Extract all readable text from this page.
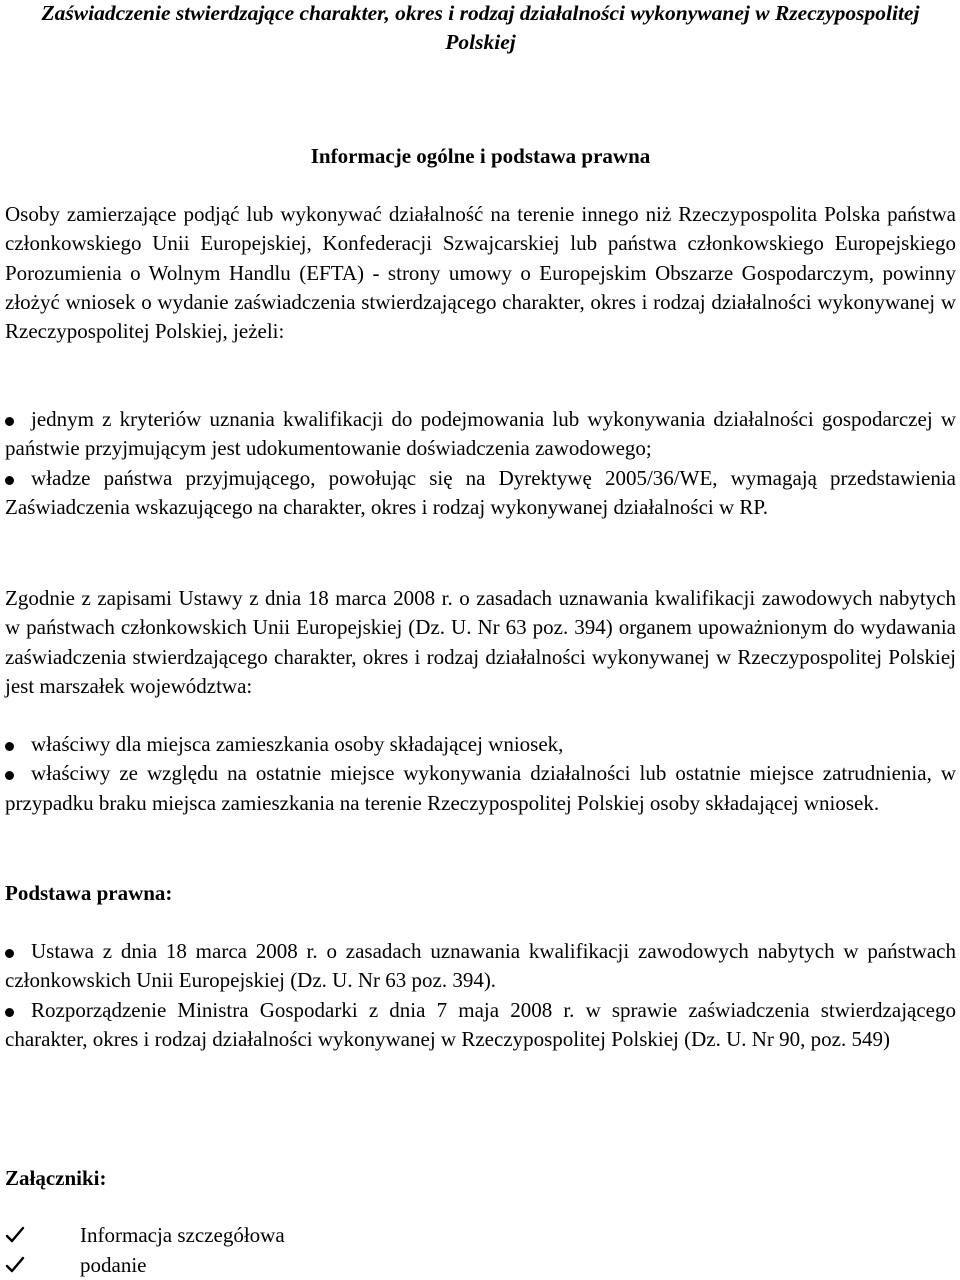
Zaświadczenie stwierdzające charakter, okres i rodzaj działalności wykonywanej w Rzeczypospolitej Polskiej
Informacje ogólne i podstawa prawna

Osoby zamierzające podjąć lub wykonywać działalność na terenie innego niż Rzeczypospolita Polska państwa członkowskiego Unii Europejskiej, Konfederacji Szwajcarskiej lub państwa członkowskiego Europejskiego Porozumienia o Wolnym Handlu (EFTA) - strony umowy o Europejskim Obszarze Gospodarczym, powinny złożyć wniosek o wydanie zaświadczenia stwierdzającego charakter, okres i rodzaj działalności wykonywanej w Rzeczypospolitej Polskiej, jeżeli:

jednym z kryteriów uznania kwalifikacji do podejmowania lub wykonywania działalności gospodarczej w państwie przyjmującym jest udokumentowanie doświadczenia zawodowego;
władze państwa przyjmującego, powołując się na Dyrektywę 2005/36/WE, wymagają przedstawienia Zaświadczenia wskazującego na charakter, okres i rodzaj wykonywanej działalności w RP.

Zgodnie z zapisami Ustawy z dnia 18 marca 2008 r. o zasadach uznawania kwalifikacji zawodowych nabytych w państwach członkowskich Unii Europejskiej (Dz. U. Nr 63 poz. 394) organem upoważnionym do wydawania zaświadczenia stwierdzającego charakter, okres i rodzaj działalności wykonywanej w Rzeczypospolitej Polskiej jest marszałek województwa:

właściwy dla miejsca zamieszkania osoby składającej wniosek,
właściwy ze względu na ostatnie miejsce wykonywania działalności lub ostatnie miejsce zatrudnienia, w przypadku braku miejsca zamieszkania na terenie Rzeczypospolitej Polskiej osoby składającej wniosek.
Podstawa prawna:
Ustawa z dnia 18 marca 2008 r. o zasadach uznawania kwalifikacji zawodowych nabytych w państwach członkowskich Unii Europejskiej (Dz. U. Nr 63 poz. 394).
Rozporządzenie Ministra Gospodarki z dnia 7 maja 2008 r. w sprawie zaświadczenia stwierdzającego charakter, okres i rodzaj działalności wykonywanej w Rzeczypospolitej Polskiej (Dz. U. Nr 90, poz. 549)
Załączniki:
Informacja szczegółowa
podanie
